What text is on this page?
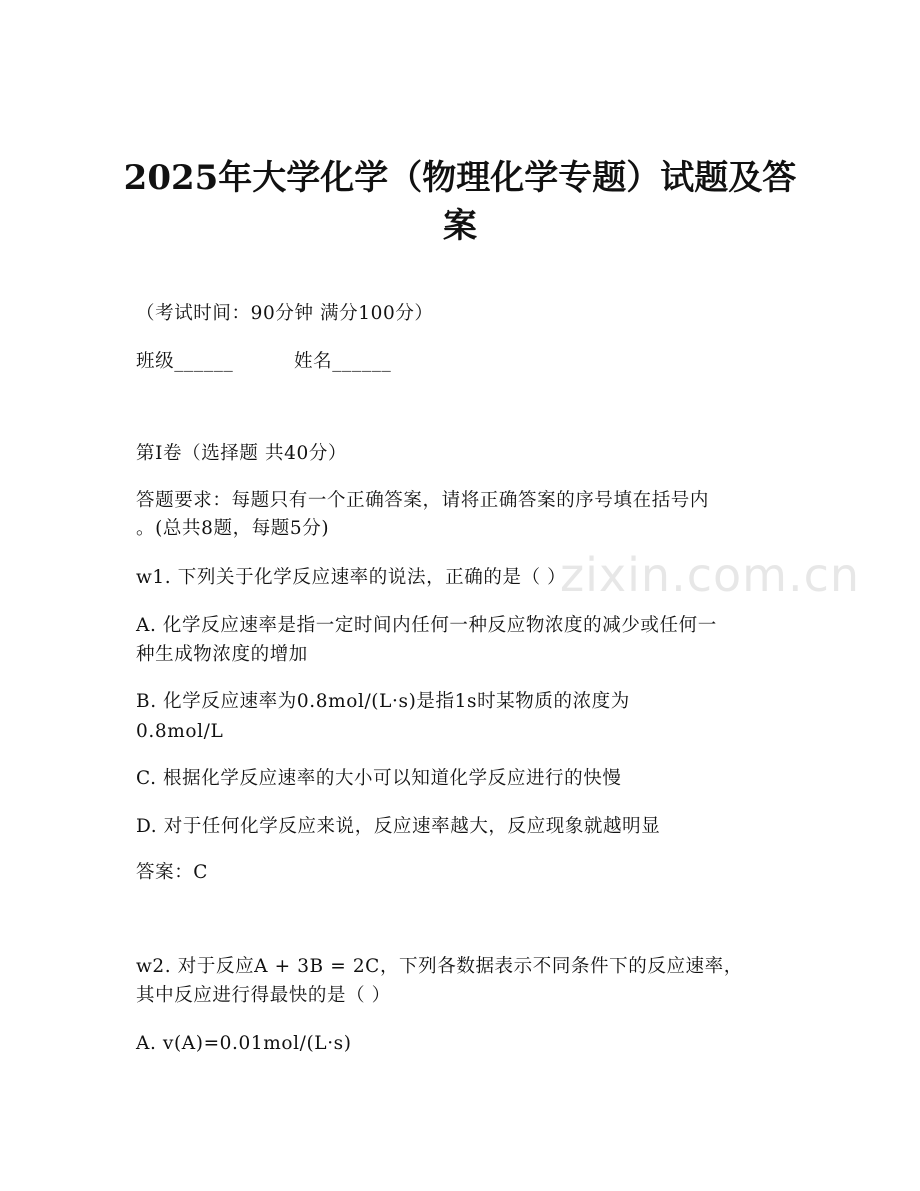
zixin.com.cn
2025年大学化学（物理化学专题）试题及答
案
（考试时间：90分钟 满分100分）
班级______	姓名______
第Ⅰ卷（选择题 共40分）
答题要求：每题只有一个正确答案，请将正确答案的序号填在括号内
。(总共8题，每题5分)
w1. 下列关于化学反应速率的说法，正确的是（ ）
A. 化学反应速率是指一定时间内任何一种反应物浓度的减少或任何一
种生成物浓度的增加
B. 化学反应速率为0.8mol/(L·s)是指1s时某物质的浓度为
0.8mol/L
C. 根据化学反应速率的大小可以知道化学反应进行的快慢
D. 对于任何化学反应来说，反应速率越大，反应现象就越明显
答案：C
w2. 对于反应A + 3B = 2C，下列各数据表示不同条件下的反应速率，
其中反应进行得最快的是（ ）
A. v(A)=0.01mol/(L·s)
